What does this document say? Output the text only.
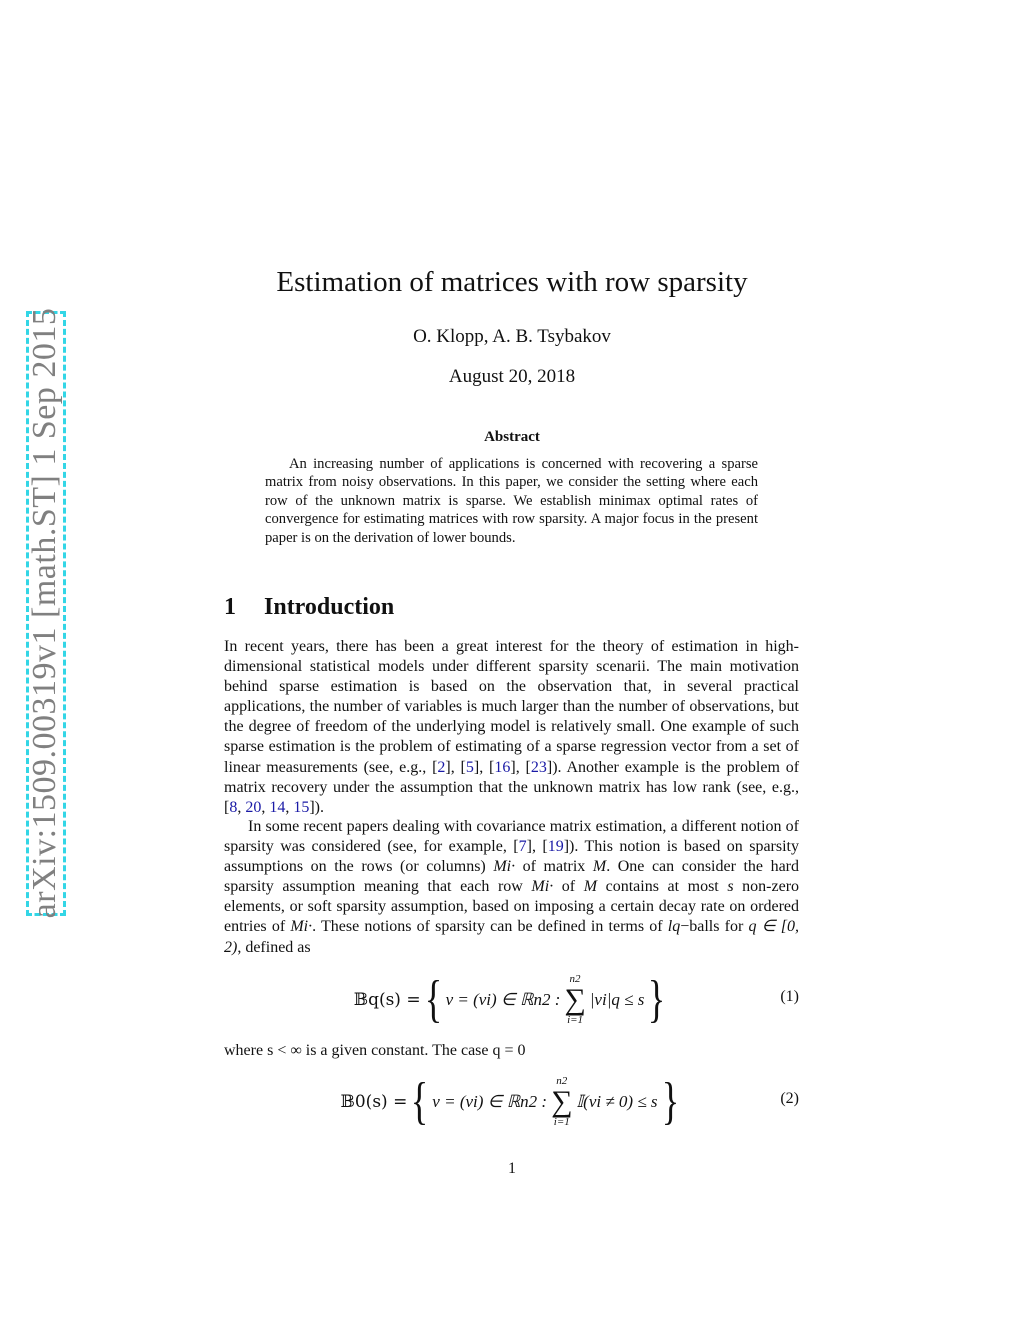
arXiv:1509.00319v1 [math.ST] 1 Sep 2015
Estimation of matrices with row sparsity
O. Klopp, A. B. Tsybakov
August 20, 2018
Abstract
An increasing number of applications is concerned with recovering a sparse matrix from noisy observations. In this paper, we consider the setting where each row of the unknown matrix is sparse. We establish minimax optimal rates of convergence for estimating matrices with row sparsity. A major focus in the present paper is on the derivation of lower bounds.
1 Introduction
In recent years, there has been a great interest for the theory of estimation in high-dimensional statistical models under different sparsity scenarii. The main motivation behind sparse estimation is based on the observation that, in several practical applications, the number of variables is much larger than the number of observations, but the degree of freedom of the underlying model is relatively small. One example of such sparse estimation is the problem of estimating of a sparse regression vector from a set of linear measurements (see, e.g., [2], [5], [16], [23]). Another example is the problem of matrix recovery under the assumption that the unknown matrix has low rank (see, e.g., [8, 20, 14, 15]).
In some recent papers dealing with covariance matrix estimation, a different notion of sparsity was considered (see, for example, [7], [19]). This notion is based on sparsity assumptions on the rows (or columns) Mi· of matrix M. One can consider the hard sparsity assumption meaning that each row Mi· of M contains at most s non-zero elements, or soft sparsity assumption, based on imposing a certain decay rate on ordered entries of Mi·. These notions of sparsity can be defined in terms of lq−balls for q ∈ [0, 2), defined as
𝔹q(s) = { v = (vi) ∈ ℝn2 :
n2
∑
i=1
|vi|q ≤ s }	(1)
where s < ∞ is a given constant. The case q = 0
𝔹0(s) = { v = (vi) ∈ ℝn2 :
n2
∑
i=1
𝕀(vi ≠ 0) ≤ s }	(2)
1
